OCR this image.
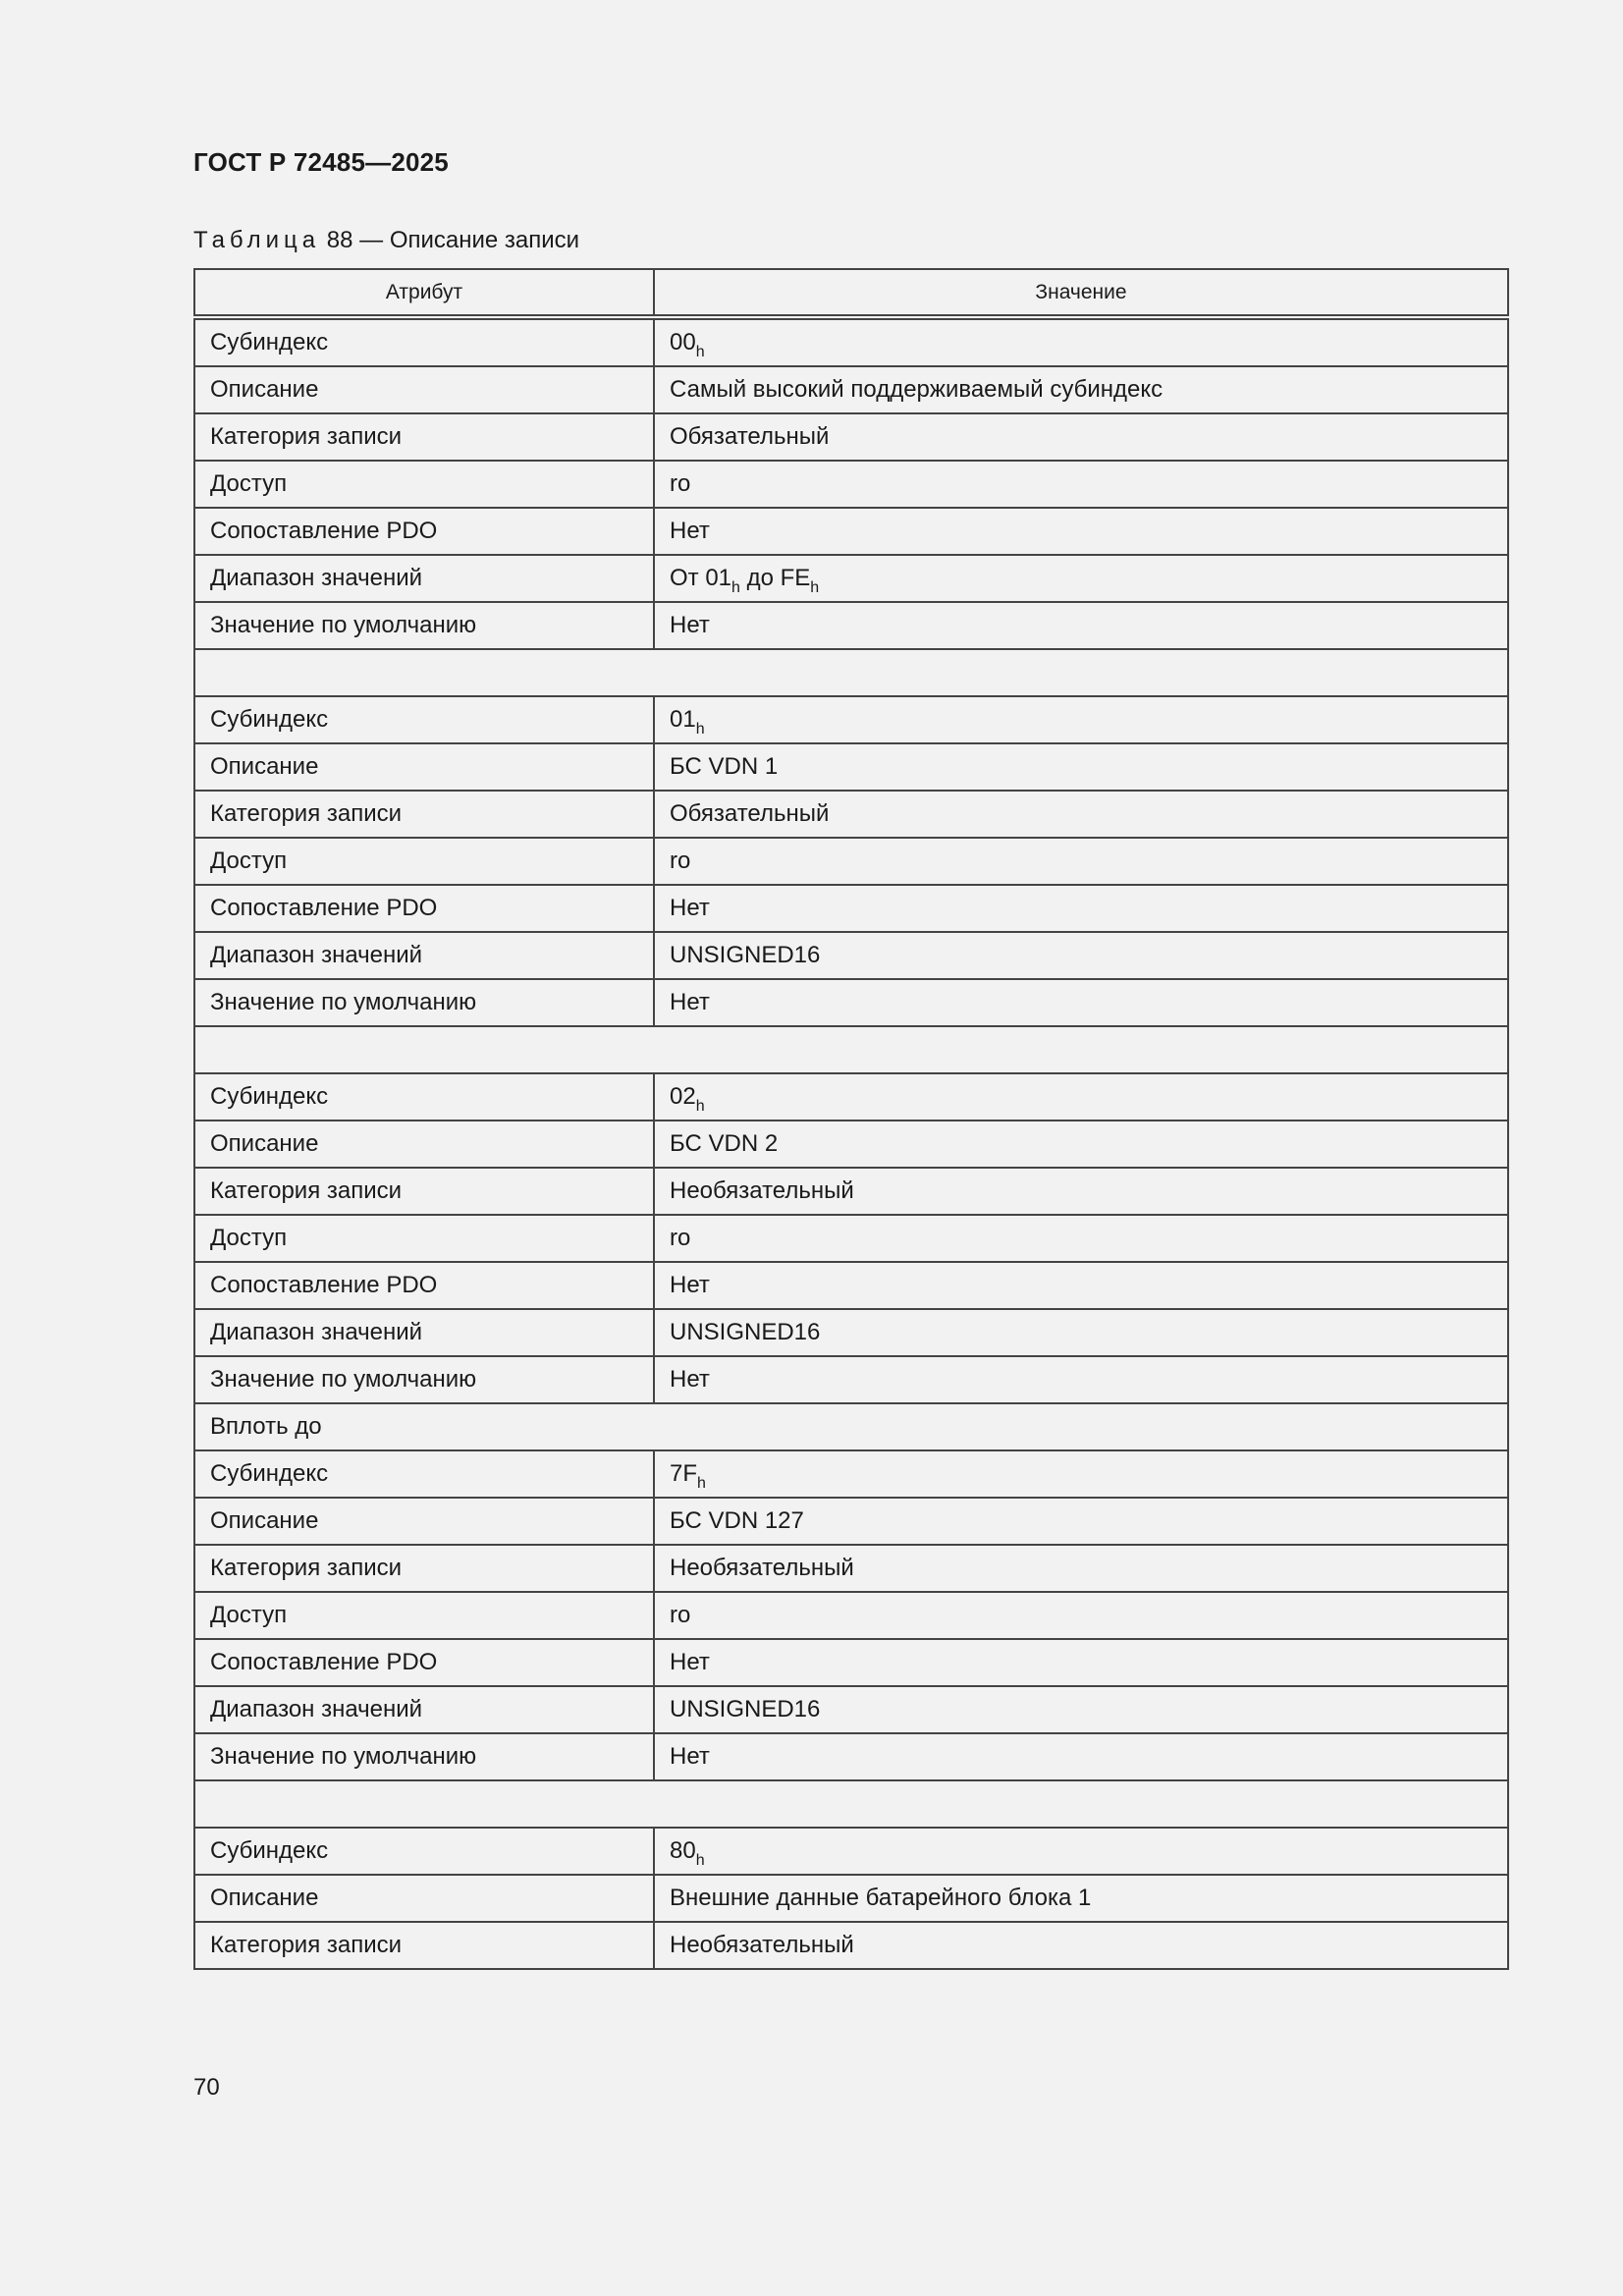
ГОСТ Р 72485—2025
Таблица 88 — Описание записи
Атрибут	Значение
Субиндекс	$00_h$
Описание	Самый высокий поддерживаемый субиндекс
Категория записи	Обязательный
Доступ	ro
Сопоставление PDO	Нет
Диапазон значений	От $01_h$ до $FE_h$
Значение по умолчанию	Нет

Субиндекс	$01_h$
Описание	БС VDN 1
Категория записи	Обязательный
Доступ	ro
Сопоставление PDO	Нет
Диапазон значений	UNSIGNED16
Значение по умолчанию	Нет

Субиндекс	$02_h$
Описание	БС VDN 2
Категория записи	Необязательный
Доступ	ro
Сопоставление PDO	Нет
Диапазон значений	UNSIGNED16
Значение по умолчанию	Нет
Вплоть до	
Субиндекс	$7F_h$
Описание	БС VDN 127
Категория записи	Необязательный
Доступ	ro
Сопоставление PDO	Нет
Диапазон значений	UNSIGNED16
Значение по умолчанию	Нет

Субиндекс	$80_h$
Описание	Внешние данные батарейного блока 1
Категория записи	Необязательный
70
